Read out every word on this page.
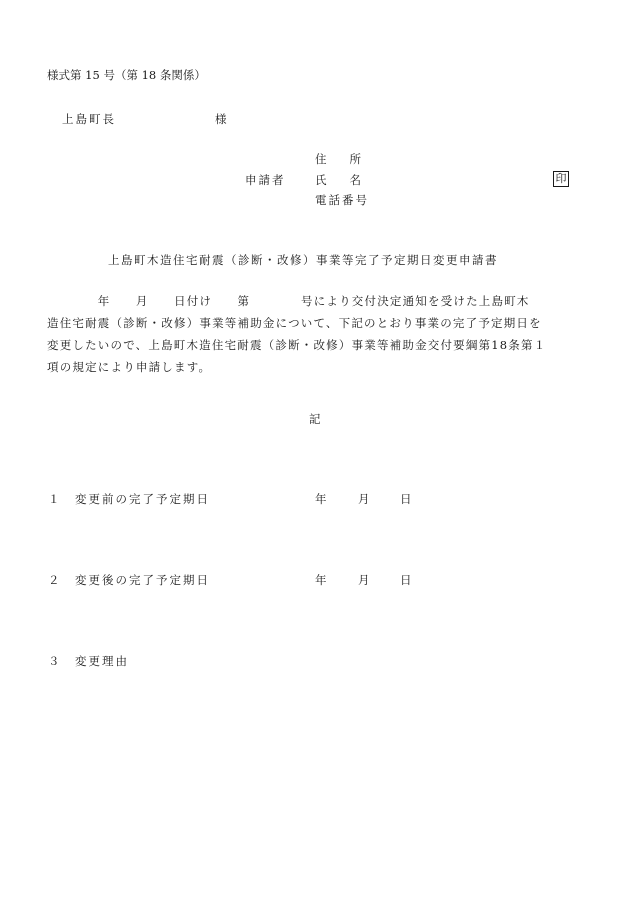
様式第 15 号（第 18 条関係）
上島町長	様
住　　所
申請者	氏　　名	印
電話番号
上島町木造住宅耐震（診断・改修）事業等完了予定期日変更申請書
　　　　年　　月　　日付け　　第　　　　号により交付決定通知を受けた上島町木
造住宅耐震（診断・改修）事業等補助金について、下記のとおり事業の完了予定期日を
変更したいので、上島町木造住宅耐震（診断・改修）事業等補助金交付要綱第18条第１
項の規定により申請します。
記
１ 変更前の完了予定期日	年	月	日
２ 変更後の完了予定期日	年	月	日
３ 変更理由
